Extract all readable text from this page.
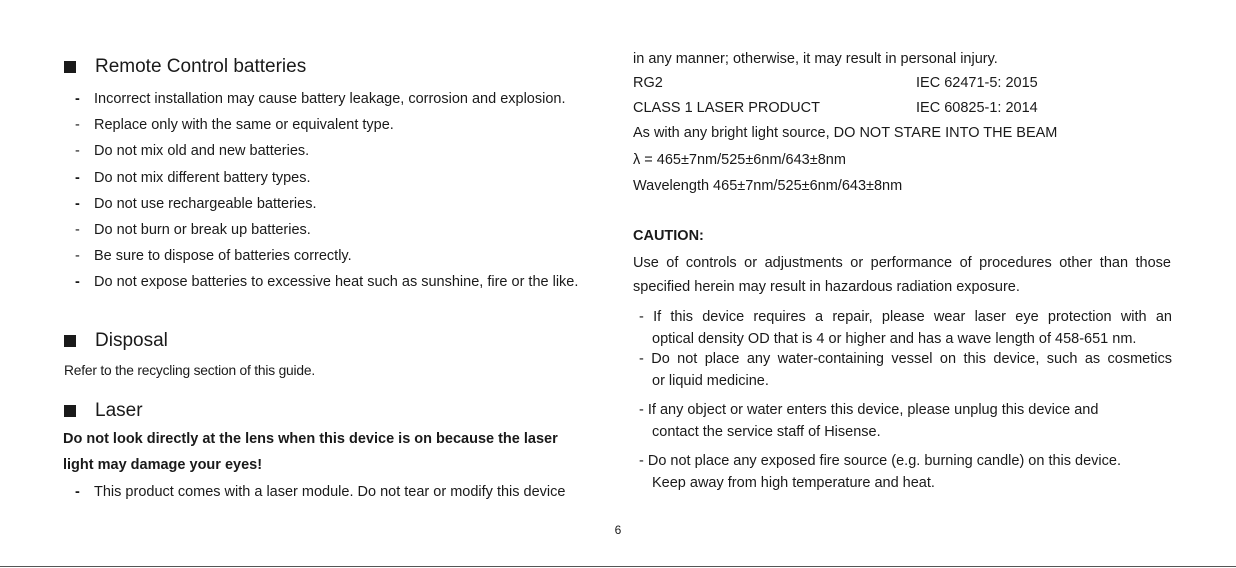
Remote Control batteries
- Incorrect installation may cause battery leakage, corrosion and explosion.
- Replace only with the same or equivalent type.
- Do not mix old and new batteries.
- Do not mix different battery types.
- Do not use rechargeable batteries.
- Do not burn or break up batteries.
- Be sure to dispose of batteries correctly.
- Do not expose batteries to excessive heat such as sunshine, fire or the like.
Disposal
Refer to the recycling section of this guide.
Laser
Do not look directly at the lens when this device is on because the laser
light may damage your eyes!
- This product comes with a laser module. Do not tear or modify this device
in any manner; otherwise, it may result in personal injury.
RG2	IEC 62471-5: 2015
CLASS 1 LASER PRODUCT	IEC 60825-1: 2014
As with any bright light source, DO NOT STARE INTO THE BEAM
λ = 465±7nm/525±6nm/643±8nm
Wavelength 465±7nm/525±6nm/643±8nm
CAUTION:
Use of controls or adjustments or performance of procedures other than those specified herein may result in hazardous radiation exposure.
- If this device requires a repair, please wear laser eye protection with an
optical density OD that is 4 or higher and has a wave length of 458-651 nm.
- Do not place any water-containing vessel on this device, such as cosmetics
or liquid medicine.
- If any object or water enters this device, please unplug this device and
contact the service staff of Hisense.
- Do not place any exposed fire source (e.g. burning candle) on this device.
Keep away from high temperature and heat.
6
